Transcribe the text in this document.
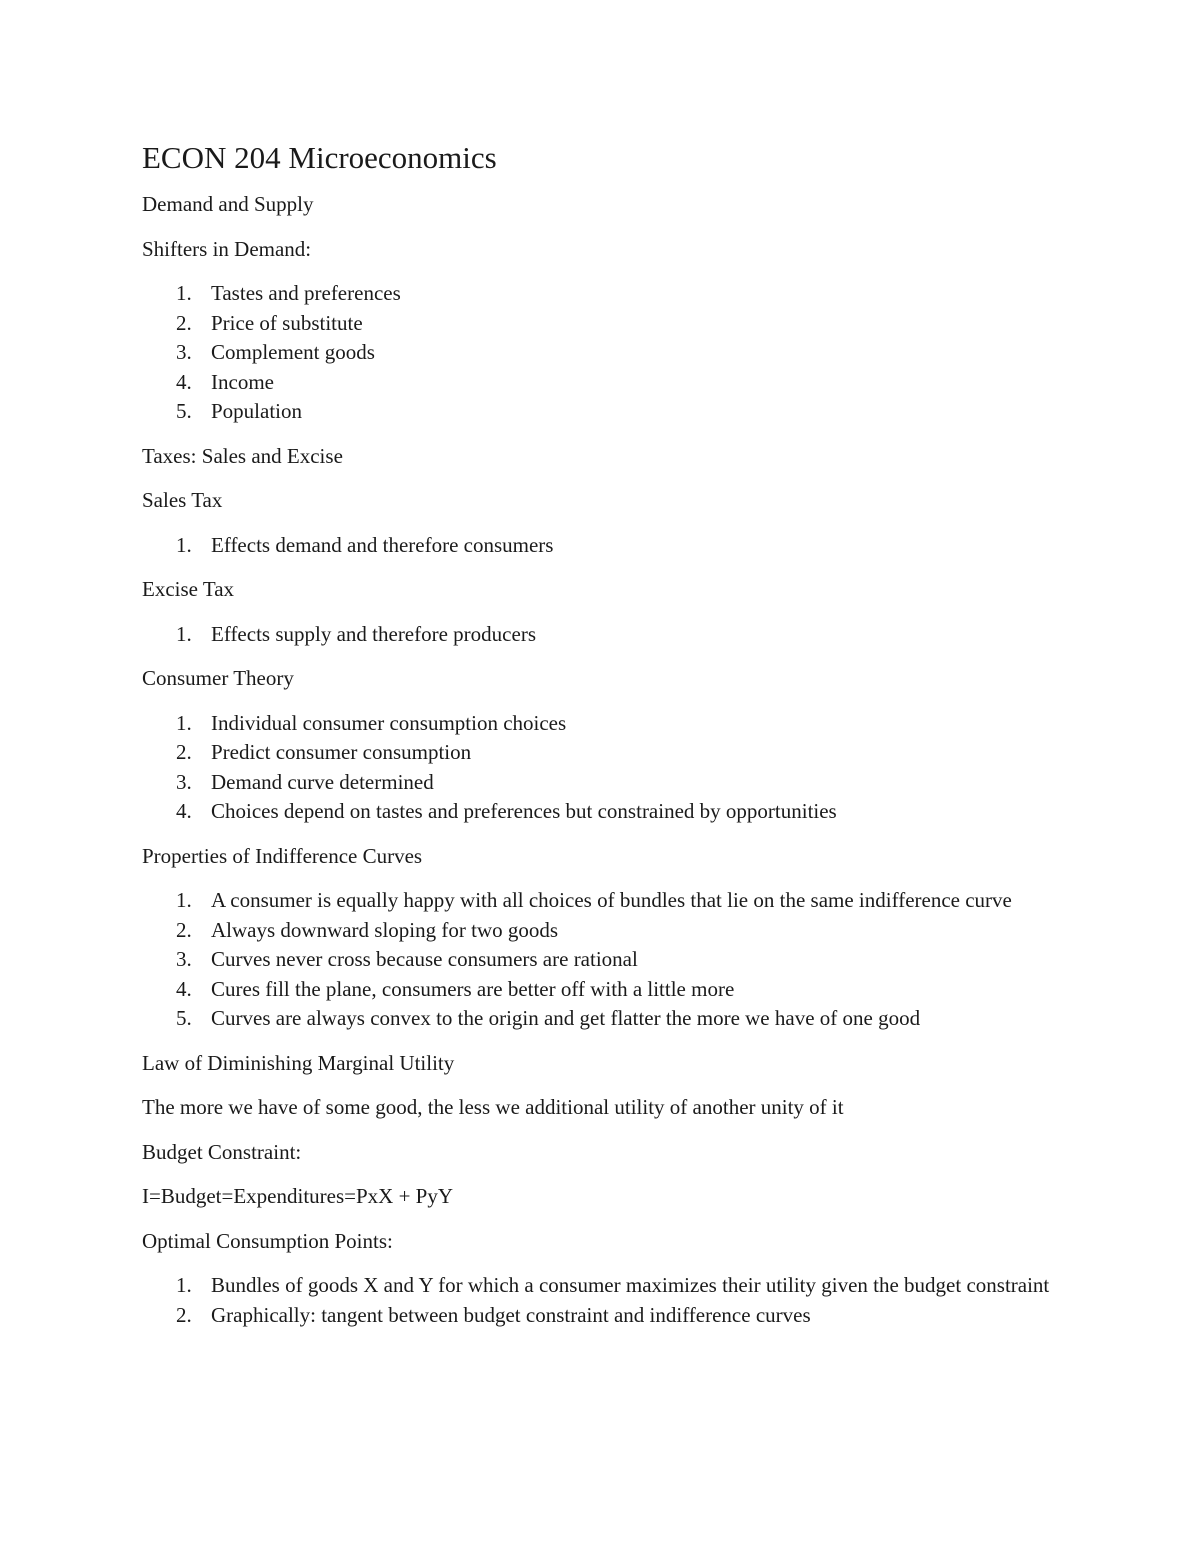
ECON 204 Microeconomics

Demand and Supply

Shifters in Demand:

1. Tastes and preferences
2. Price of substitute
3. Complement goods
4. Income
5. Population

Taxes: Sales and Excise

Sales Tax

1. Effects demand and therefore consumers

Excise Tax

1. Effects supply and therefore producers

Consumer Theory

1. Individual consumer consumption choices
2. Predict consumer consumption
3. Demand curve determined
4. Choices depend on tastes and preferences but constrained by opportunities

Properties of Indifference Curves

1. A consumer is equally happy with all choices of bundles that lie on the same indifference curve
2. Always downward sloping for two goods
3. Curves never cross because consumers are rational
4. Cures fill the plane, consumers are better off with a little more
5. Curves are always convex to the origin and get flatter the more we have of one good

Law of Diminishing Marginal Utility

The more we have of some good, the less we additional utility of another unity of it

Budget Constraint:

I=Budget=Expenditures=PxX + PyY

Optimal Consumption Points:

1. Bundles of goods X and Y for which a consumer maximizes their utility given the budget constraint
2. Graphically: tangent between budget constraint and indifference curves
